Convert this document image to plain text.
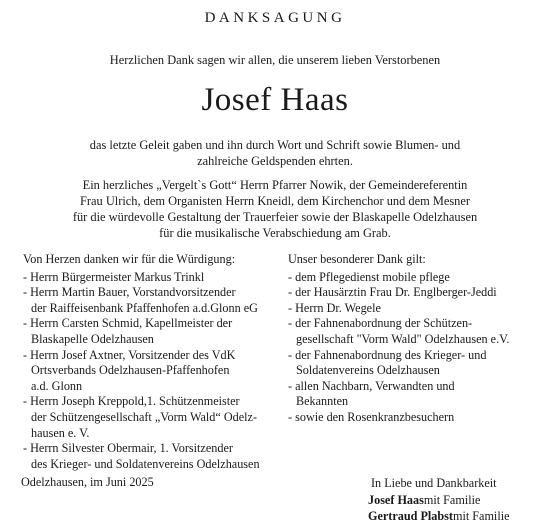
DANKSAGUNG
Herzlichen Dank sagen wir allen, die unserem lieben Verstorbenen
Josef Haas
das letzte Geleit gaben und ihn durch Wort und Schrift sowie Blumen- und
zahlreiche Geldspenden ehrten.
Ein herzliches „Vergelt`s Gott“ Herrn Pfarrer Nowik, der Gemeindereferentin
Frau Ulrich, dem Organisten Herrn Kneidl, dem Kirchenchor und dem Mesner
für die würdevolle Gestaltung der Trauerfeier sowie der Blaskapelle Odelzhausen
für die musikalische Verabschiedung am Grab.
Von Herzen danken wir für die Würdigung:
- Herrn Bürgermeister Markus Trinkl
- Herrn Martin Bauer, Vorstandvorsitzender
der Raiffeisenbank Pfaffenhofen a.d.Glonn eG
- Herrn Carsten Schmid, Kapellmeister der
Blaskapelle Odelzhausen
- Herrn Josef Axtner, Vorsitzender des VdK
Ortsverbands Odelzhausen-Pfaffenhofen
a.d. Glonn
- Herrn Joseph Kreppold,1. Schützenmeister
der Schützengesellschaft „Vorm Wald“ Odelz-
hausen e. V.
- Herrn Silvester Obermair, 1. Vorsitzender
des Krieger- und Soldatenvereins Odelzhausen
Unser besonderer Dank gilt:
- dem Pflegedienst mobile pflege
- der Hausärztin Frau Dr. Englberger-Jeddi
- Herrn Dr. Wegele
- der Fahnenabordnung der Schützen-
gesellschaft "Vorm Wald" Odelzhausen e.V.
- der Fahnenabordnung des Krieger- und
Soldatenvereins Odelzhausen
- allen Nachbarn, Verwandten und
Bekannten
- sowie den Rosenkranzbesuchern
Odelzhausen, im Juni 2025	In Liebe und Dankbarkeit
Josef Haasmit Familie
Gertraud Plabstmit Familie
